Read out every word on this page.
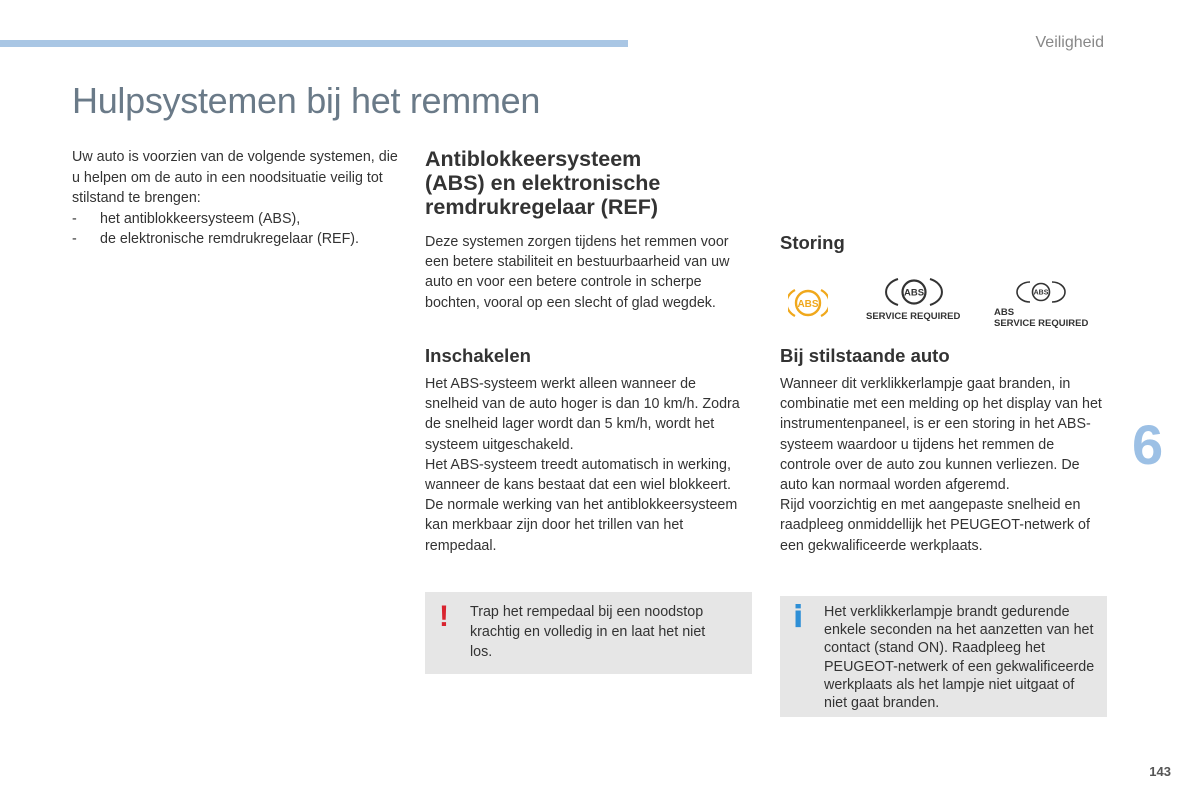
Veiligheid
Hulpsystemen bij het remmen

Uw auto is voorzien van de volgende systemen, die u helpen om de auto in een noodsituatie veilig tot stilstand te brengen:

- het antiblokkeersysteem (ABS),
- de elektronische remdrukregelaar (REF).
Antiblokkeersysteem
(ABS) en elektronische
remdrukregelaar (REF)

Deze systemen zorgen tijdens het remmen voor een betere stabiliteit en bestuurbaarheid van uw auto en voor een betere controle in scherpe bochten, vooral op een slecht of glad wegdek.

Inschakelen

Het ABS-systeem werkt alleen wanneer de snelheid van de auto hoger is dan 10 km/h. Zodra de snelheid lager wordt dan 5 km/h, wordt het systeem uitgeschakeld.

Het ABS-systeem treedt automatisch in werking, wanneer de kans bestaat dat een wiel blokkeert.

De normale werking van het antiblokkeersysteem kan merkbaar zijn door het trillen van het rempedaal.

Storing
ABS
ABS
SERVICE REQUIRED
ABS
ABS
SERVICE REQUIRED
Bij stilstaande auto

Wanneer dit verklikkerlampje gaat branden, in combinatie met een melding op het display van het instrumentenpaneel, is er een storing in het ABS-systeem waardoor u tijdens het remmen de controle over de auto zou kunnen verliezen. De auto kan normaal worden afgeremd.

Rijd voorzichtig en met aangepaste snelheid en raadpleeg onmiddellijk het PEUGEOT-netwerk of een gekwalificeerde werkplaats.

! Trap het rempedaal bij een noodstop krachtig en volledig in en laat het niet los.
i Het verklikkerlampje brandt gedurende enkele seconden na het aanzetten van het contact (stand ON). Raadpleeg het PEUGEOT-netwerk of een gekwalificeerde werkplaats als het lampje niet uitgaat of niet gaat branden.
6
143
